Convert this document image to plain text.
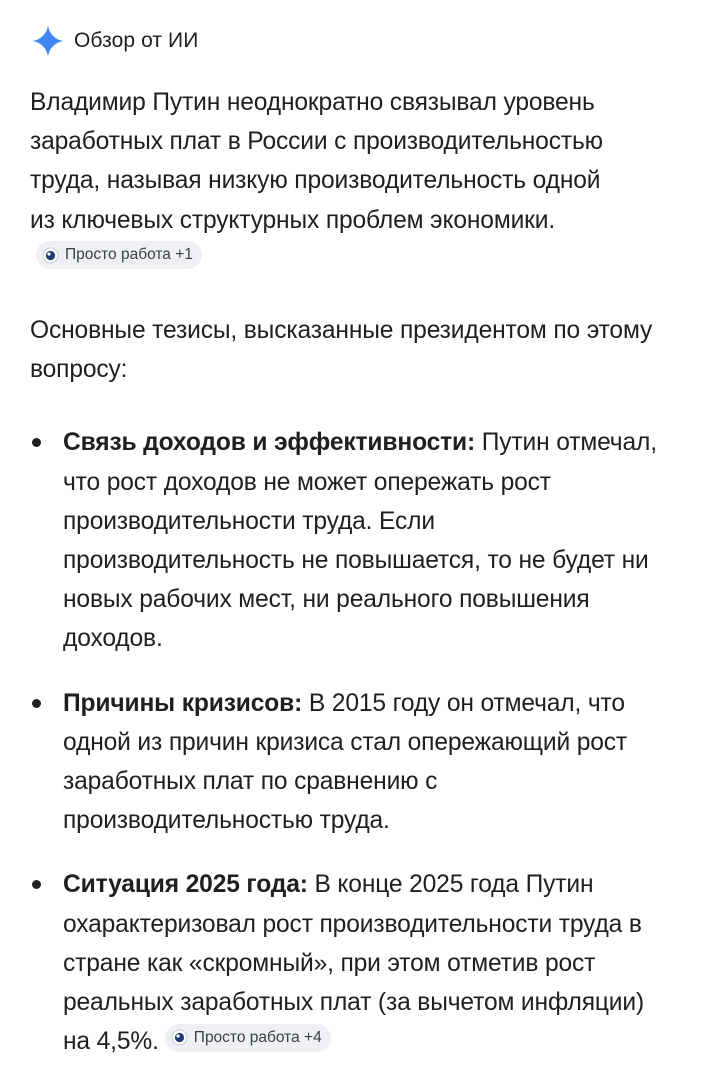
Обзор от ИИ

Владимир Путин неоднократно связывал уровень заработных плат в России с производительностью труда, называя низкую производительность одной из ключевых структурных проблем экономики.
Просто работа +1

Основные тезисы, высказанные президентом по этому вопросу:

Связь доходов и эффективности: Путин отмечал, что рост доходов не может опережать рост производительности труда. Если производительность не повышается, то не будет ни новых рабочих мест, ни реального повышения доходов.
Причины кризисов: В 2015 году он отмечал, что одной из причин кризиса стал опережающий рост заработных плат по сравнению с производительностью труда.
Ситуация 2025 года: В конце 2025 года Путин охарактеризовал рост производительности труда в стране как «скромный», при этом отметив рост реальных заработных плат (за вычетом инфляции) на 4,5%. Просто работа +4
